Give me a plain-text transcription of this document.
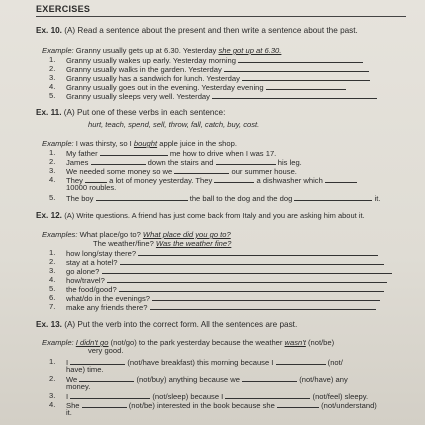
EXERCISES
Ex. 10. (A) Read a sentence about the present and then write a sentence about the past.
Example: Granny usually gets up at 6.30. Yesterday she got up at 6.30.
1. Granny usually wakes up early. Yesterday morning
2. Granny usually walks in the garden. Yesterday
3. Granny usually has a sandwich for lunch. Yesterday
4. Granny usually goes out in the evening. Yesterday evening
5. Granny usually sleeps very well. Yesterday
Ex. 11. (A) Put one of these verbs in each sentence:
hurt, teach, spend, sell, throw, fall, catch, buy, cost.
Example: I was thirsty, so I bought apple juice in the shop.
1. My father	me how to drive when I was 17.
2. James	down the stairs and	his leg.
3. We needed some money so we	our summer house.
4. They	a lot of money yesterday. They	a dishwasher which
10000 roubles.
5. The boy	the ball to the dog and the dog	it.
Ex. 12. (A) Write questions. A friend has just come back from Italy and you are asking him about it.
Examples: What place/go to? What place did you go to?
The weather/fine? Was the weather fine?
1. how long/stay there?
2. stay at a hotel?
3. go alone?
4. how/travel?
5. the food/good?
6. what/do in the evenings?
7. make any friends there?
Ex. 13. (A) Put the verb into the correct form. All the sentences are past.
Example: I didn't go (not/go) to the park yesterday because the weather wasn't (not/be)
very good.
1. I	(not/have breakfast) this morning because I	(not/
have) time.
2. We	(not/buy) anything because we	(not/have) any
money.
3. I	(not/sleep) because I	(not/feel) sleepy.
4. She	(not/be) interested in the book because she	(not/understand)
it.
